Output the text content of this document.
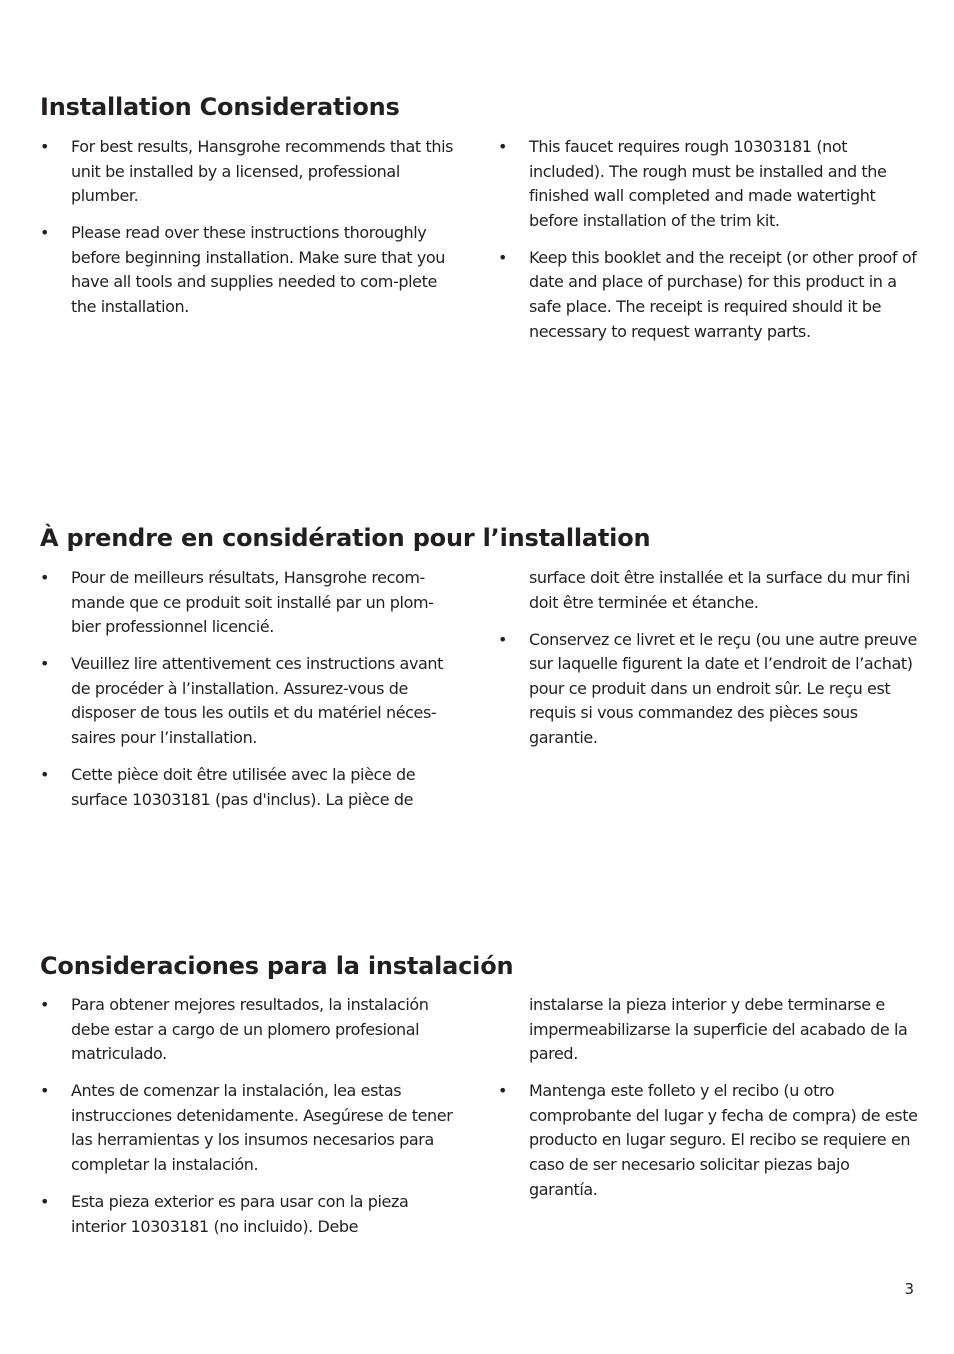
Installation Considerations
•	For best results, Hansgrohe recommends that this unit be installed by a licensed, professional plumber.
•	Please read over these instructions thoroughly before beginning installation. Make sure that you have all tools and supplies needed to com-plete the installation.
•	This faucet requires rough 10303181 (not included). The rough must be installed and the finished wall completed and made watertight before installation of the trim kit.
•	Keep this booklet and the receipt (or other proof of date and place of purchase) for this product in a safe place. The receipt is required should it be necessary to request warranty parts.
À prendre en considération pour l’installation
•	Pour de meilleurs résultats, Hansgrohe recom-mande que ce produit soit installé par un plom-bier professionnel licencié.
•	Veuillez lire attentivement ces instructions avant de procéder à l’installation. Assurez-vous de disposer de tous les outils et du matériel néces-saires pour l’installation.
•	Cette pièce doit être utilisée avec la pièce de surface 10303181 (pas d'inclus). La pièce de
surface doit être installée et la surface du mur fini doit être terminée et étanche.
•	Conservez ce livret et le reçu (ou une autre preuve sur laquelle figurent la date et l’endroit de l’achat) pour ce produit dans un endroit sûr. Le reçu est requis si vous commandez des pièces sous garantie.
Consideraciones para la instalación
•	Para obtener mejores resultados, la instalación debe estar a cargo de un plomero profesional matriculado.
•	Antes de comenzar la instalación, lea estas instrucciones detenidamente. Asegúrese de tener las herramientas y los insumos necesarios para completar la instalación.
•	Esta pieza exterior es para usar con la pieza interior 10303181 (no incluido). Debe
instalarse la pieza interior y debe terminarse e impermeabilizarse la superficie del acabado de la pared.
•	Mantenga este folleto y el recibo (u otro comprobante del lugar y fecha de compra) de este producto en lugar seguro. El recibo se requiere en caso de ser necesario solicitar piezas bajo garantía.
3
